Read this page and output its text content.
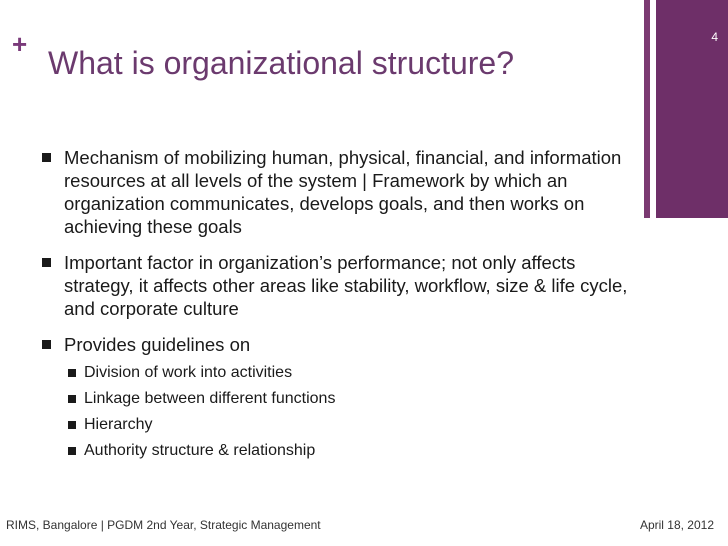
+
What is organizational structure?
4
Mechanism of mobilizing human, physical, financial, and information resources at all levels of the system | Framework by which an organization communicates, develops goals, and then works on achieving these goals
Important factor in organization’s performance; not only affects strategy, it affects other areas like stability, workflow, size & life cycle, and corporate culture
Provides guidelines on
Division of work into activities
Linkage between different functions
Hierarchy
Authority structure & relationship
RIMS, Bangalore | PGDM 2nd Year, Strategic Management	April 18, 2012
